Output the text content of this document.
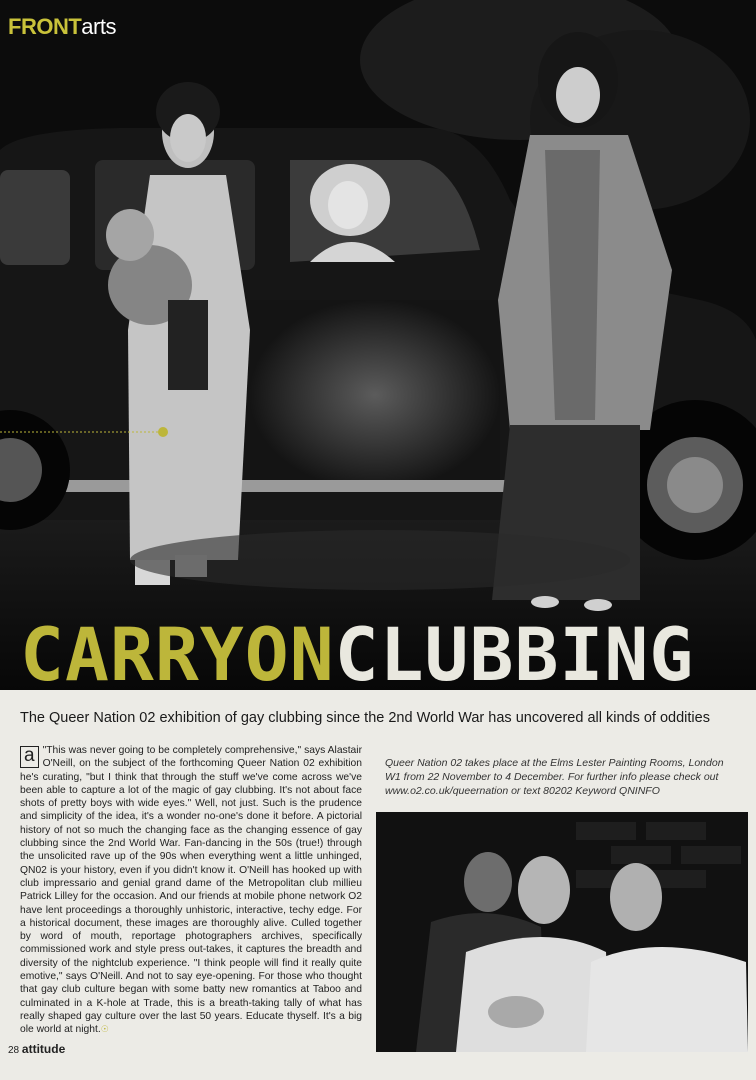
FRONTarts
CARRYONCLUBBING
The Queer Nation 02 exhibition of gay clubbing since the 2nd World War has uncovered all kinds of oddities
a "This was never going to be completely comprehensive," says Alastair O'Neill, on the subject of the forthcoming Queer Nation 02 exhibition he's curating, "but I think that through the stuff we've come across we've been able to capture a lot of the magic of gay clubbing. It's not about face shots of pretty boys with wide eyes." Well, not just. Such is the prudence and simplicity of the idea, it's a wonder no-one's done it before. A pictorial history of not so much the changing face as the changing essence of gay clubbing since the 2nd World War. Fan-dancing in the 50s (true!) through the unsolicited rave up of the 90s when everything went a little unhinged, QN02 is your history, even if you didn't know it. O'Neill has hooked up with club impressario and genial grand dame of the Metropolitan club millieu Patrick Lilley for the occasion. And our friends at mobile phone network O2 have lent proceedings a thoroughly unhistoric, interactive, techy edge. For a historical document, these images are thoroughly alive. Culled together by word of mouth, reportage photographers archives, specifically commissioned work and style press out-takes, it captures the breadth and diversity of the nightclub experience. "I think people will find it really quite emotive," says O'Neill. And not to say eye-opening. For those who thought that gay club culture began with some batty new romantics at Taboo and culminated in a K-hole at Trade, this is a breath-taking tally of what has really shaped gay culture over the last 50 years. Educate thyself. It's a big ole world at night.☉
Queer Nation 02 takes place at the Elms Lester Painting Rooms, London W1 from 22 November to 4 December. For further info please check out www.o2.co.uk/queernation or text 80202 Keyword QNINFO
28 attitude
